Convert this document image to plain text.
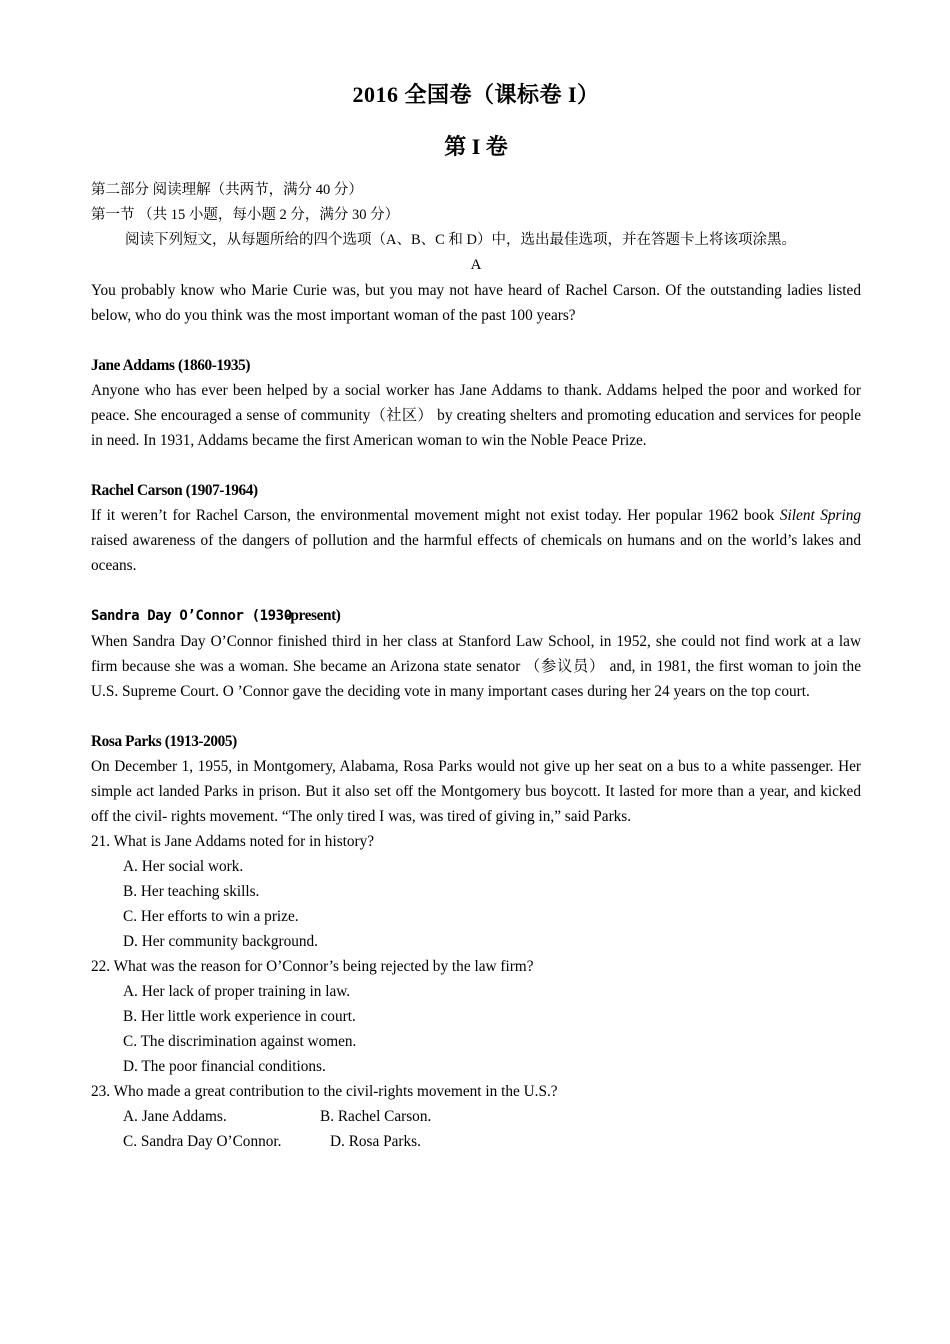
2016 全国卷（课标卷 I）
第 I 卷
第二部分 阅读理解（共两节，满分 40 分）
第一节 （共 15 小题，每小题 2 分，满分 30 分）
阅读下列短文，从每题所给的四个选项（A、B、C 和 D）中，选出最佳选项，并在答题卡上将该项涂黑。
A
You probably know who Marie Curie was, but you may not have heard of Rachel Carson. Of the outstanding ladies listed below, who do you think was the most important woman of the past 100 years?
Jane Addams (1860-1935)
Anyone who has ever been helped by a social worker has Jane Addams to thank. Addams helped the poor and worked for peace. She encouraged a sense of community（社区） by creating shelters and promoting education and services for people in need. In 1931, Addams became the first American woman to win the Noble Peace Prize.
Rachel Carson (1907-1964)
If it weren’t for Rachel Carson, the environmental movement might not exist today. Her popular 1962 book Silent Spring raised awareness of the dangers of pollution and the harmful effects of chemicals on humans and on the world’s lakes and oceans.
Sandra Day O’Connor (1930-present)
When Sandra Day O’Connor finished third in her class at Stanford Law School, in 1952, she could not find work at a law firm because she was a woman. She became an Arizona state senator （参议员） and, in 1981, the first woman to join the U.S. Supreme Court. O ’Connor gave the deciding vote in many important cases during her 24 years on the top court.
Rosa Parks (1913-2005)
On December 1, 1955, in Montgomery, Alabama, Rosa Parks would not give up her seat on a bus to a white passenger. Her simple act landed Parks in prison. But it also set off the Montgomery bus boycott. It lasted for more than a year, and kicked off the civil- rights movement. “The only tired I was, was tired of giving in,” said Parks.
21. What is Jane Addams noted for in history?
A. Her social work.
B. Her teaching skills.
C. Her efforts to win a prize.
D. Her community background.
22. What was the reason for O’Connor’s being rejected by the law firm?
A. Her lack of proper training in law.
B. Her little work experience in court.
C. The discrimination against women.
D. The poor financial conditions.
23. Who made a great contribution to the civil-rights movement in the U.S.?
A. Jane Addams.	B. Rachel Carson.
C. Sandra Day O’Connor.	D. Rosa Parks.
